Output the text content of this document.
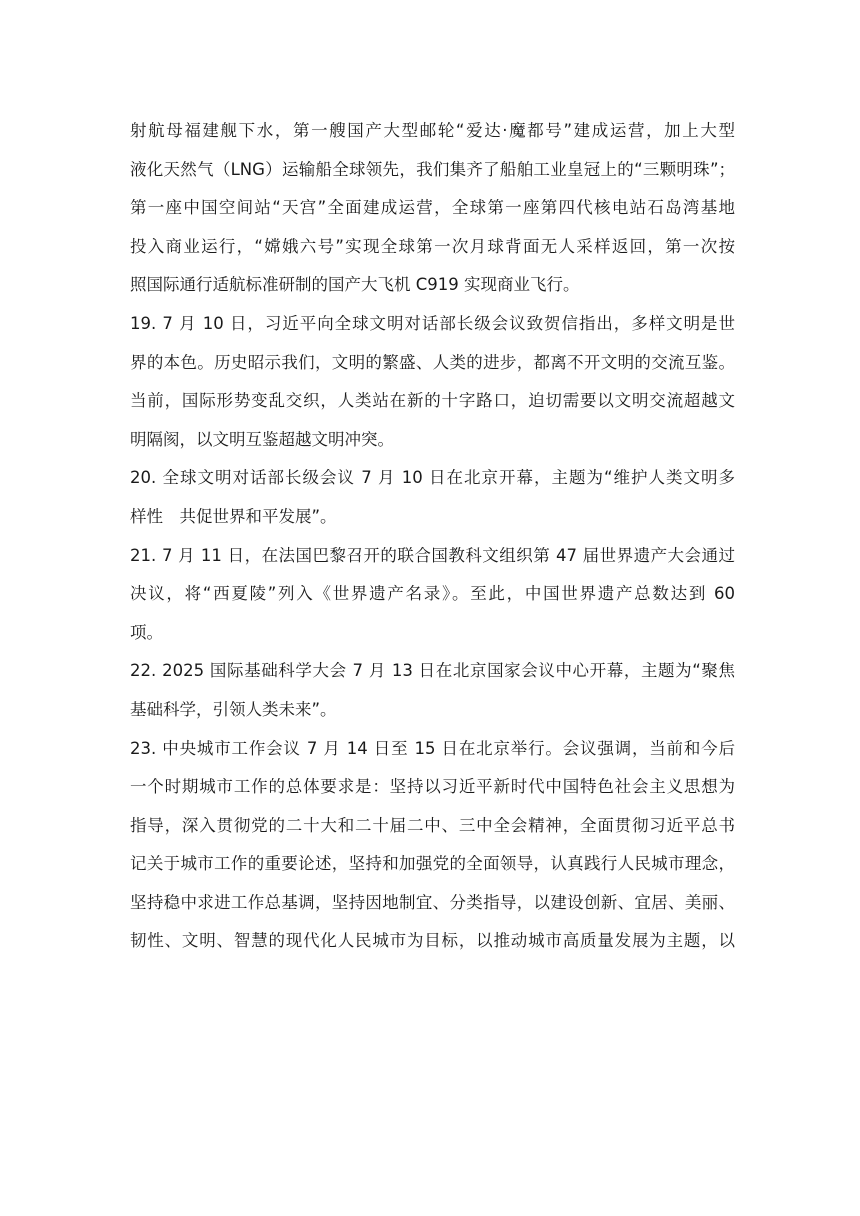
射航母福建舰下水，第一艘国产大型邮轮“爱达·魔都号”建成运营，加上大型
液化天然气（LNG）运输船全球领先，我们集齐了船舶工业皇冠上的“三颗明珠”；
第一座中国空间站“天宫”全面建成运营，全球第一座第四代核电站石岛湾基地
投入商业运行，“嫦娥六号”实现全球第一次月球背面无人采样返回，第一次按
照国际通行适航标准研制的国产大飞机 C919 实现商业飞行。
19. 7 月 10 日，习近平向全球文明对话部长级会议致贺信指出，多样文明是世
界的本色。历史昭示我们，文明的繁盛、人类的进步，都离不开文明的交流互鉴。
当前，国际形势变乱交织，人类站在新的十字路口，迫切需要以文明交流超越文
明隔阂，以文明互鉴超越文明冲突。
20. 全球文明对话部长级会议 7 月 10 日在北京开幕，主题为“维护人类文明多
样性　共促世界和平发展”。
21. 7 月 11 日，在法国巴黎召开的联合国教科文组织第 47 届世界遗产大会通过
决议，将“西夏陵”列入《世界遗产名录》。至此，中国世界遗产总数达到 60
项。
22. 2025 国际基础科学大会 7 月 13 日在北京国家会议中心开幕，主题为“聚焦
基础科学，引领人类未来”。
23. 中央城市工作会议 7 月 14 日至 15 日在北京举行。会议强调，当前和今后
一个时期城市工作的总体要求是：坚持以习近平新时代中国特色社会主义思想为
指导，深入贯彻党的二十大和二十届二中、三中全会精神，全面贯彻习近平总书
记关于城市工作的重要论述，坚持和加强党的全面领导，认真践行人民城市理念，
坚持稳中求进工作总基调，坚持因地制宜、分类指导，以建设创新、宜居、美丽、
韧性、文明、智慧的现代化人民城市为目标，以推动城市高质量发展为主题，以
